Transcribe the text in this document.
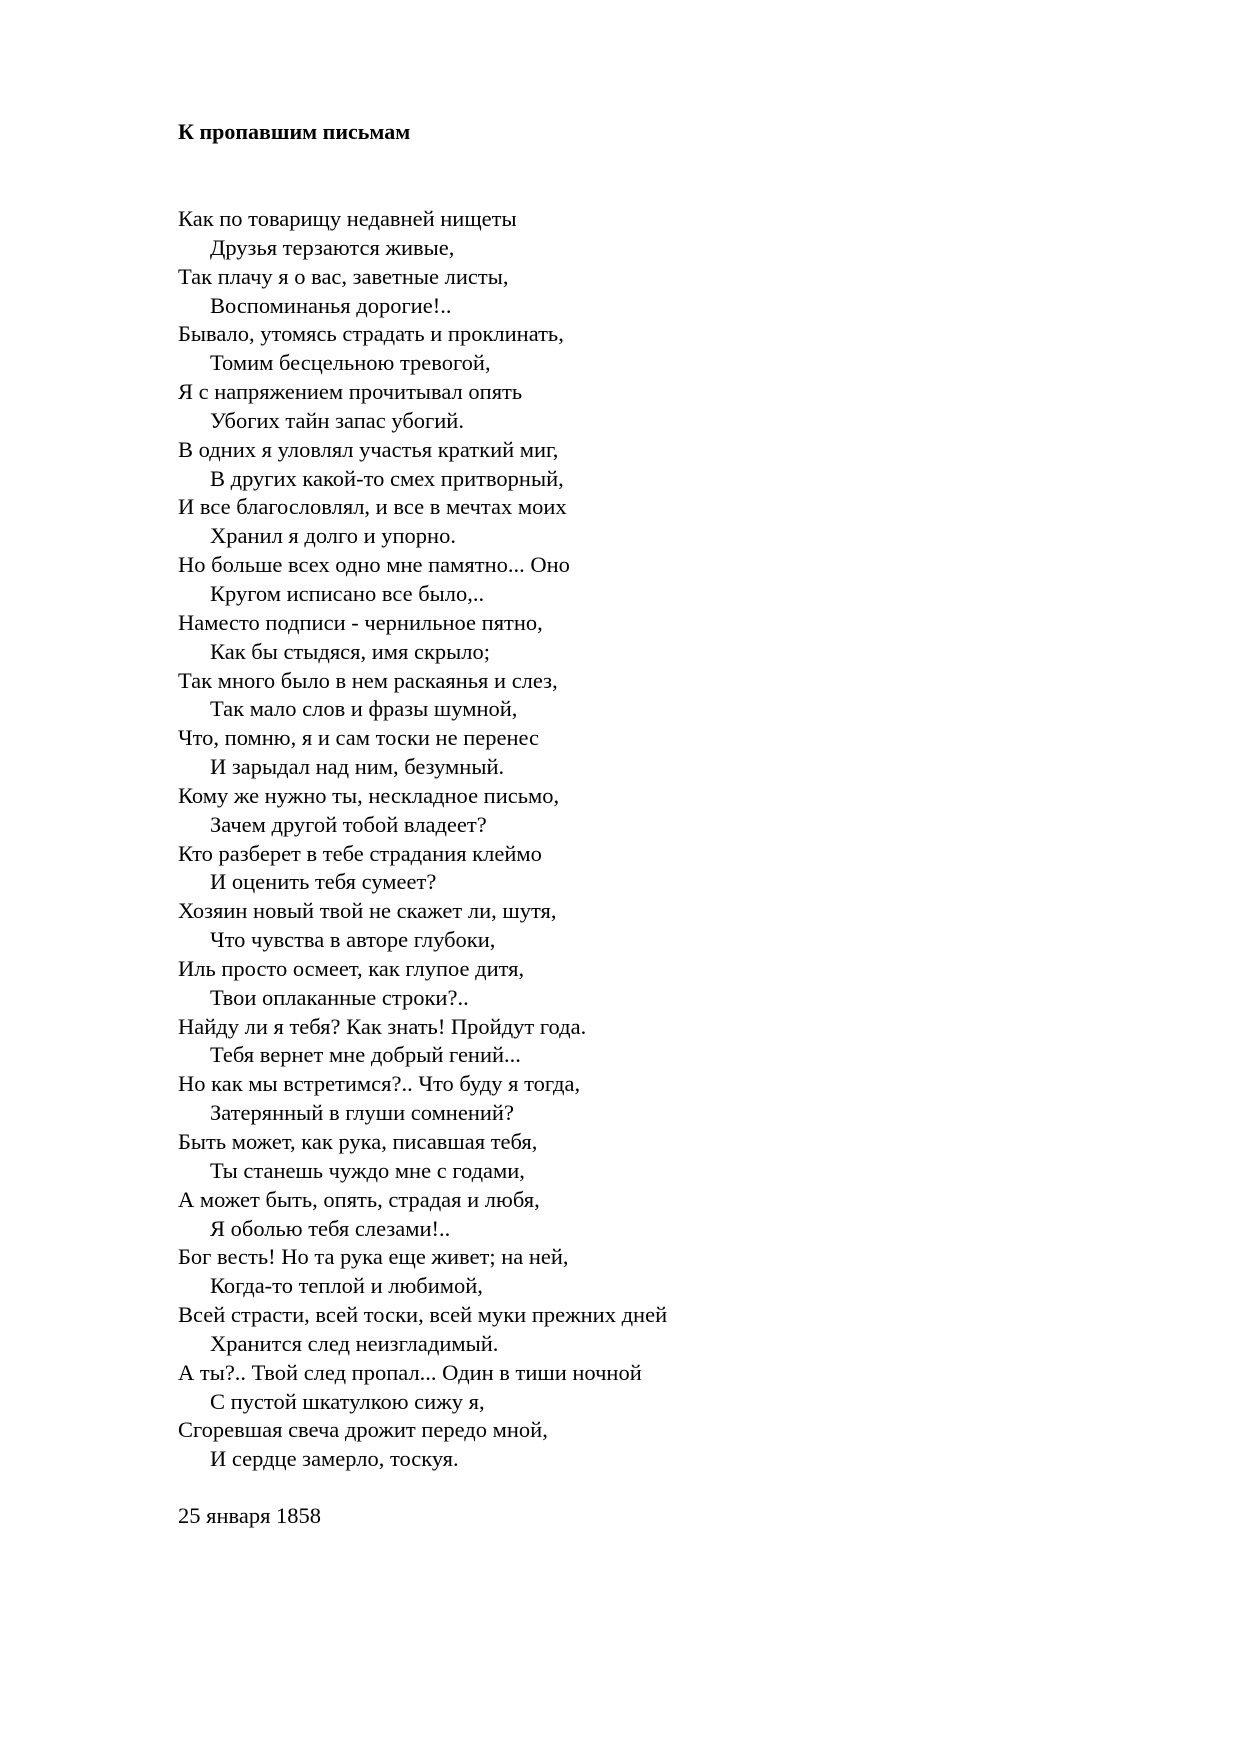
К пропавшим письмам
Как по товарищу недавней нищеты
Друзья терзаются живые,
Так плачу я о вас, заветные листы,
Воспоминанья дорогие!..
Бывало, утомясь страдать и проклинать,
Томим бесцельною тревогой,
Я с напряжением прочитывал опять
Убогих тайн запас убогий.
В одних я уловлял участья краткий миг,
В других какой-то смех притворный,
И все благословлял, и все в мечтах моих
Хранил я долго и упорно.
Но больше всех одно мне памятно... Оно
Кругом исписано все было,..
Наместо подписи - чернильное пятно,
Как бы стыдяся, имя скрыло;
Так много было в нем раскаянья и слез,
Так мало слов и фразы шумной,
Что, помню, я и сам тоски не перенес
И зарыдал над ним, безумный.
Кому же нужно ты, нескладное письмо,
Зачем другой тобой владеет?
Кто разберет в тебе страдания клеймо
И оценить тебя сумеет?
Хозяин новый твой не скажет ли, шутя,
Что чувства в авторе глубоки,
Иль просто осмеет, как глупое дитя,
Твои оплаканные строки?..
Найду ли я тебя? Как знать! Пройдут года.
Тебя вернет мне добрый гений...
Но как мы встретимся?.. Что буду я тогда,
Затерянный в глуши сомнений?
Быть может, как рука, писавшая тебя,
Ты станешь чуждо мне с годами,
А может быть, опять, страдая и любя,
Я оболью тебя слезами!..
Бог весть! Но та рука еще живет; на ней,
Когда-то теплой и любимой,
Всей страсти, всей тоски, всей муки прежних дней
Хранится след неизгладимый.
А ты?.. Твой след пропал... Один в тиши ночной
С пустой шкатулкою сижу я,
Сгоревшая свеча дрожит передо мной,
И сердце замерло, тоскуя.

25 января 1858
